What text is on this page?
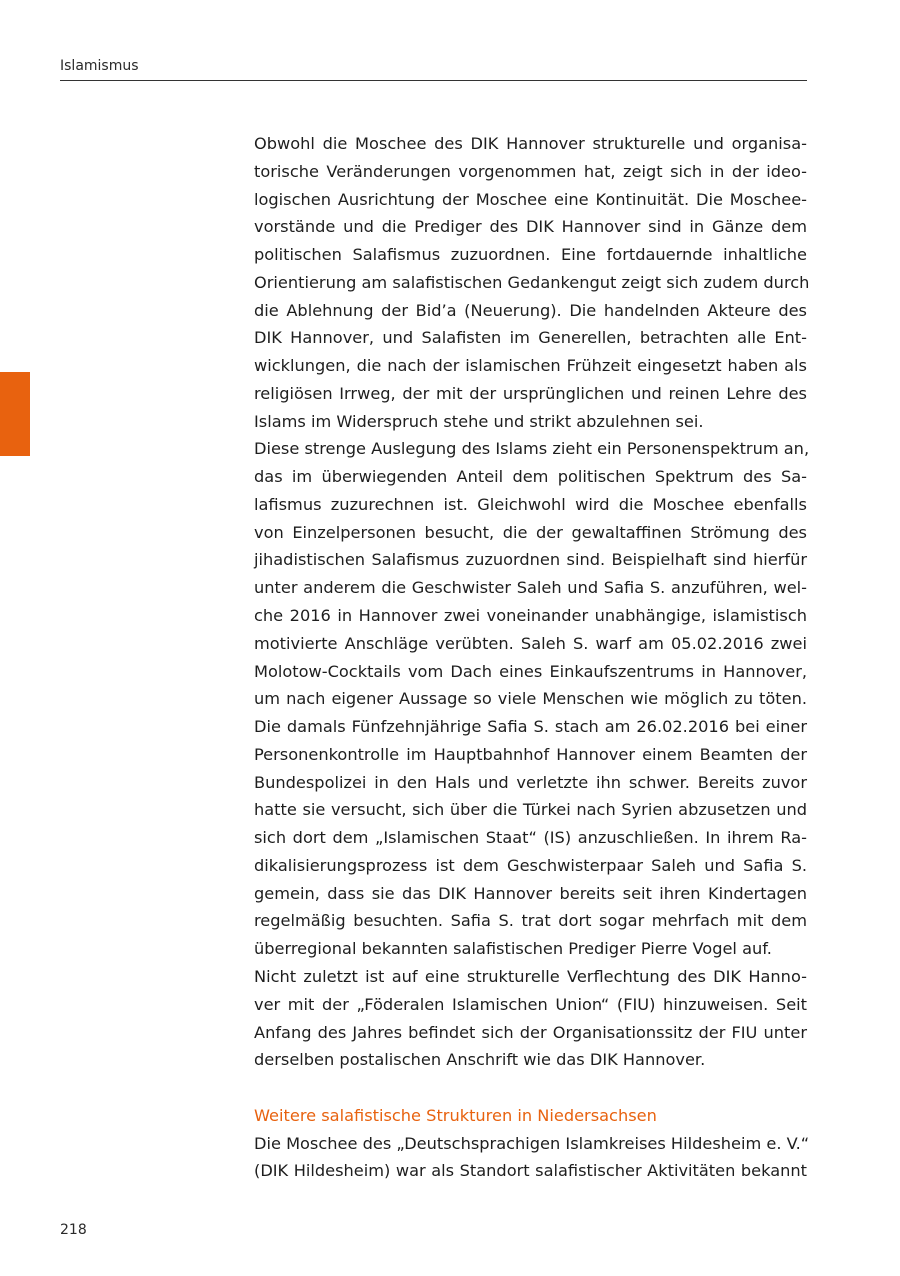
Islamismus
Obwohl die Moschee des DIK Hannover strukturelle und organisa-
torische Veränderungen vorgenommen hat, zeigt sich in der ideo-
logischen Ausrichtung der Moschee eine Kontinuität. Die Moschee-
vorstände und die Prediger des DIK Hannover sind in Gänze dem
politischen Salafismus zuzuordnen. Eine fortdauernde inhaltliche
Orientierung am salafistischen Gedankengut zeigt sich zudem durch
die Ablehnung der Bid’a (Neuerung). Die handelnden Akteure des
DIK Hannover, und Salafisten im Generellen, betrachten alle Ent-
wicklungen, die nach der islamischen Frühzeit eingesetzt haben als
religiösen Irrweg, der mit der ursprünglichen und reinen Lehre des
Islams im Widerspruch stehe und strikt abzulehnen sei.
Diese strenge Auslegung des Islams zieht ein Personenspektrum an,
das im überwiegenden Anteil dem politischen Spektrum des Sa-
lafismus zuzurechnen ist. Gleichwohl wird die Moschee ebenfalls
von Einzelpersonen besucht, die der gewaltaffinen Strömung des
jihadistischen Salafismus zuzuordnen sind. Beispielhaft sind hierfür
unter anderem die Geschwister Saleh und Safia S. anzuführen, wel-
che 2016 in Hannover zwei voneinander unabhängige, islamistisch
motivierte Anschläge verübten. Saleh S. warf am 05.02.2016 zwei
Molotow-Cocktails vom Dach eines Einkaufszentrums in Hannover,
um nach eigener Aussage so viele Menschen wie möglich zu töten.
Die damals Fünfzehnjährige Safia S. stach am 26.02.2016 bei einer
Personenkontrolle im Hauptbahnhof Hannover einem Beamten der
Bundespolizei in den Hals und verletzte ihn schwer. Bereits zuvor
hatte sie versucht, sich über die Türkei nach Syrien abzusetzen und
sich dort dem „Islamischen Staat“ (IS) anzuschließen. In ihrem Ra-
dikalisierungsprozess ist dem Geschwisterpaar Saleh und Safia S.
gemein, dass sie das DIK Hannover bereits seit ihren Kindertagen
regelmäßig besuchten. Safia S. trat dort sogar mehrfach mit dem
überregional bekannten salafistischen Prediger Pierre Vogel auf.
Nicht zuletzt ist auf eine strukturelle Verflechtung des DIK Hanno-
ver mit der „Föderalen Islamischen Union“ (FIU) hinzuweisen. Seit
Anfang des Jahres befindet sich der Organisationssitz der FIU unter
derselben postalischen Anschrift wie das DIK Hannover.
Weitere salafistische Strukturen in Niedersachsen
Die Moschee des „Deutschsprachigen Islamkreises Hildesheim e. V.“
(DIK Hildesheim) war als Standort salafistischer Aktivitäten bekannt
218
